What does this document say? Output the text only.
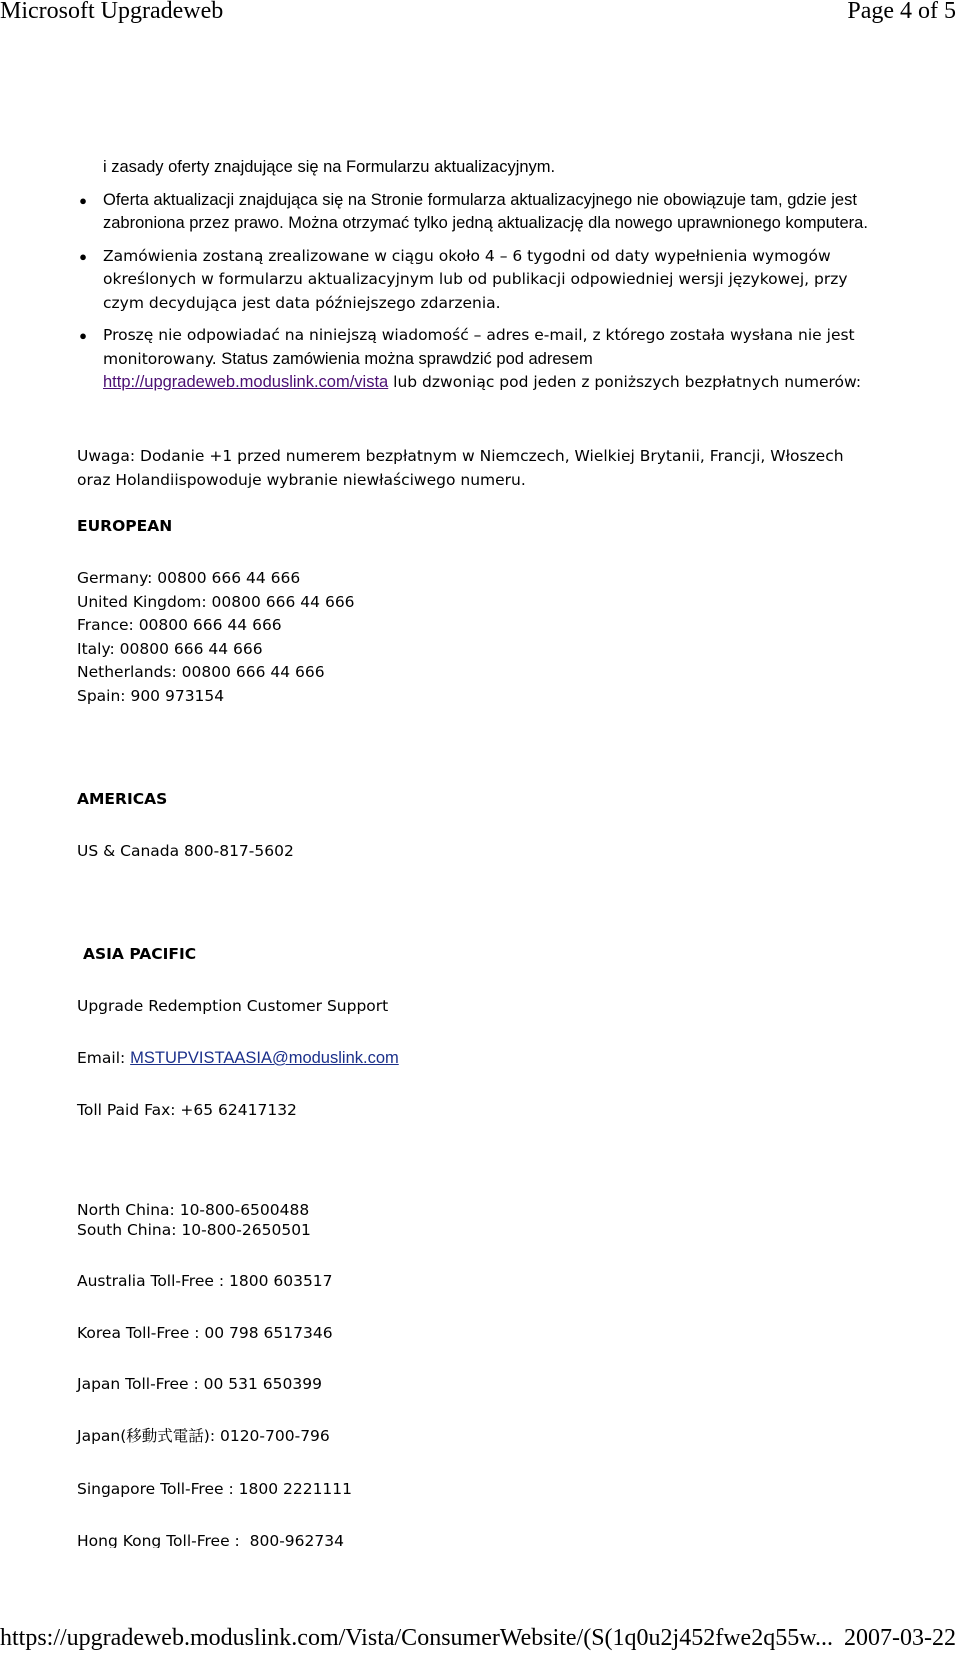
Microsoft Upgradeweb	Page 4 of 5
i zasady oferty znajdujące się na Formularzu aktualizacyjnym.
● Oferta aktualizacji znajdująca się na Stronie formularza aktualizacyjnego nie obowiązuje tam, gdzie jest zabroniona przez prawo. Można otrzymać tylko jedną aktualizację dla nowego uprawnionego komputera.
● Zamówienia zostaną zrealizowane w ciągu około 4 – 6 tygodni od daty wypełnienia wymogów określonych w formularzu aktualizacyjnym lub od publikacji odpowiedniej wersji językowej, przy czym decydująca jest data późniejszego zdarzenia.
● Proszę nie odpowiadać na niniejszą wiadomość – adres e-mail, z którego została wysłana nie jest monitorowany. Status zamówienia można sprawdzić pod adresem
http://upgradeweb.moduslink.com/vista lub dzwoniąc pod jeden z poniższych bezpłatnych numerów:
Uwaga: Dodanie +1 przed numerem bezpłatnym w Niemczech, Wielkiej Brytanii, Francji, Włoszech oraz Holandiispowoduje wybranie niewłaściwego numeru.
EUROPEAN
Germany: 00800 666 44 666
United Kingdom: 00800 666 44 666
France: 00800 666 44 666
Italy: 00800 666 44 666
Netherlands: 00800 666 44 666
Spain: 900 973154
AMERICAS
US & Canada 800-817-5602
ASIA PACIFIC
Upgrade Redemption Customer Support
Email: MSTUPVISTAASIA@moduslink.com
Toll Paid Fax: +65 62417132
North China: 10-800-6500488
South China: 10-800-2650501
Australia Toll-Free : 1800 603517
Korea Toll-Free : 00 798 6517346
Japan Toll-Free : 00 531 650399
Japan(移動式電話): 0120-700-796
Singapore Toll-Free : 1800 2221111
Hong Kong Toll-Free :  800-962734
https://upgradeweb.moduslink.com/Vista/ConsumerWebsite/(S(1q0u2j452fwe2q55w... 2007-03-22
